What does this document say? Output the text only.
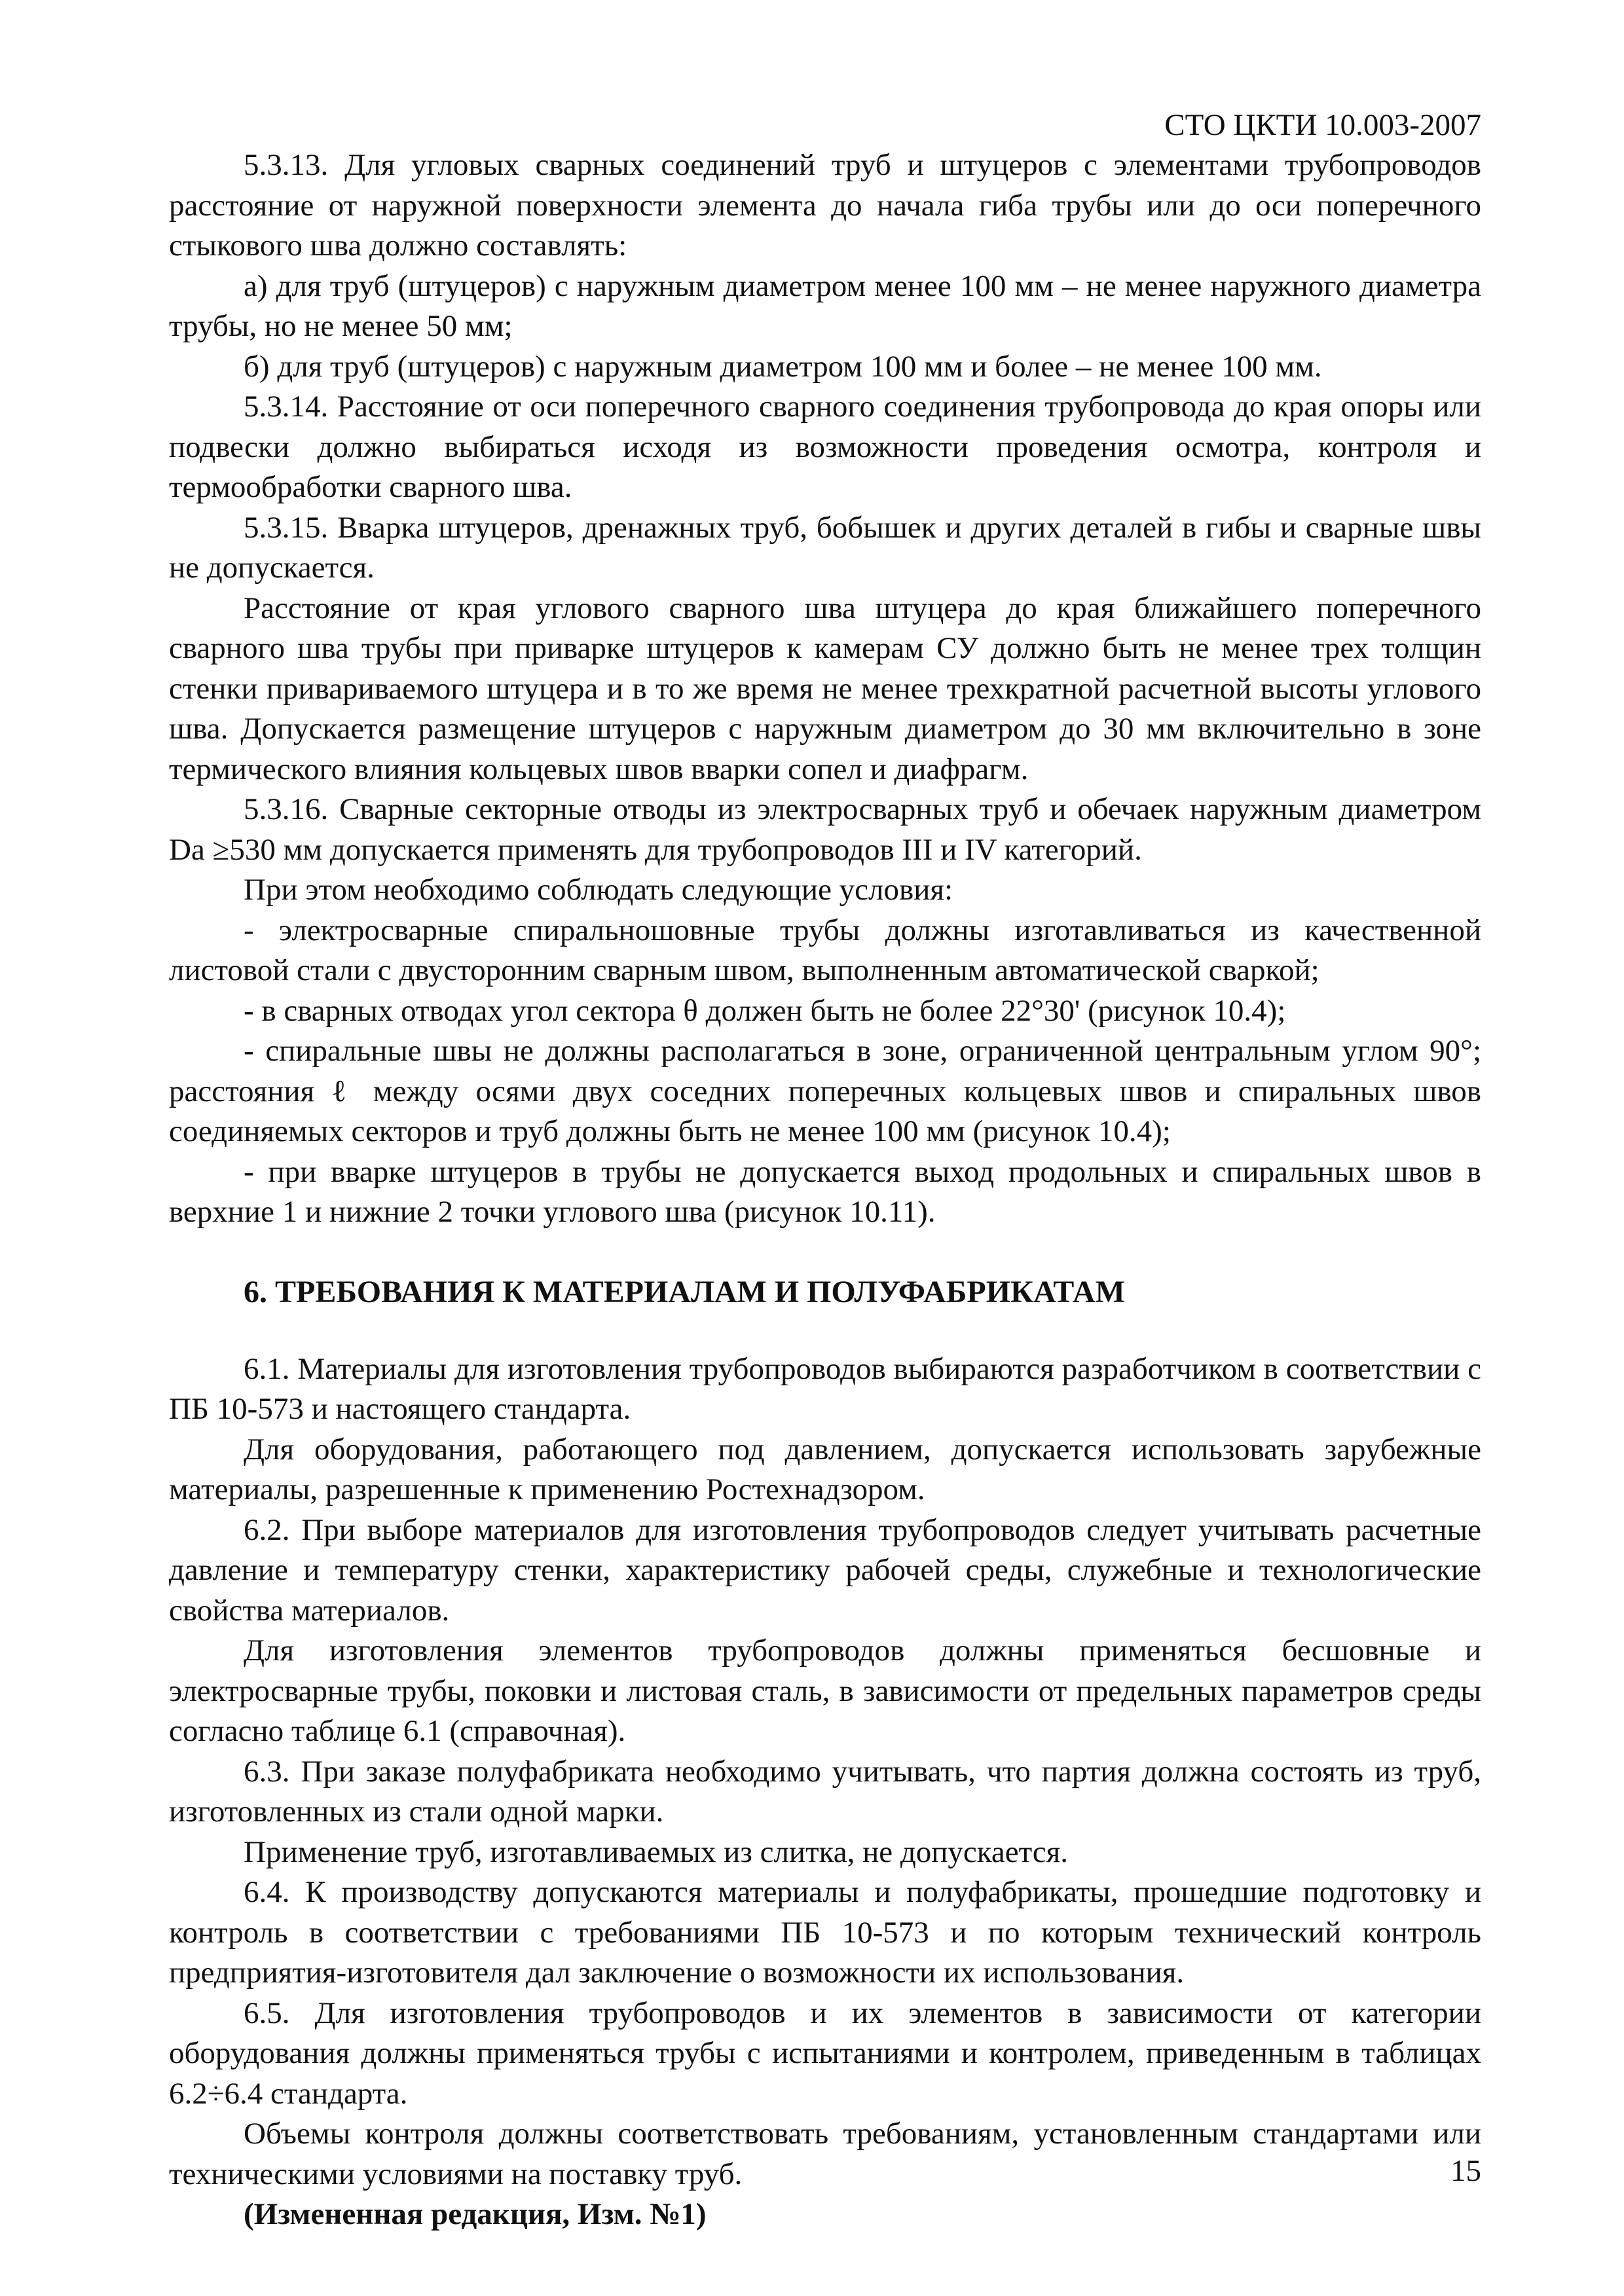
СТО ЦКТИ 10.003-2007

5.3.13. Для угловых сварных соединений труб и штуцеров с элементами трубопроводов расстояние от наружной поверхности элемента до начала гиба трубы или до оси поперечного стыкового шва должно составлять:

а) для труб (штуцеров) с наружным диаметром менее 100 мм – не менее наружного диаметра трубы, но не менее 50 мм;

б) для труб (штуцеров) с наружным диаметром 100 мм и более – не менее 100 мм.

5.3.14. Расстояние от оси поперечного сварного соединения трубопровода до края опоры или подвески должно выбираться исходя из возможности проведения осмотра, контроля и термообработки сварного шва.

5.3.15. Вварка штуцеров, дренажных труб, бобышек и других деталей в гибы и сварные швы не допускается.

Расстояние от края углового сварного шва штуцера до края ближайшего поперечного сварного шва трубы при приварке штуцеров к камерам СУ должно быть не менее трех толщин стенки привариваемого штуцера и в то же время не менее трехкратной расчетной высоты углового шва. Допускается размещение штуцеров с наружным диаметром до 30 мм включительно в зоне термического влияния кольцевых швов вварки сопел и диафрагм.

5.3.16. Сварные секторные отводы из электросварных труб и обечаек наружным диаметром Da ≥530 мм допускается применять для трубопроводов III и IV категорий.

При этом необходимо соблюдать следующие условия:

- электросварные спиральношовные трубы должны изготавливаться из качественной листовой стали с двусторонним сварным швом, выполненным автоматической сваркой;

- в сварных отводах угол сектора θ должен быть не более 22°30' (рисунок 10.4);

- спиральные швы не должны располагаться в зоне, ограниченной центральным углом 90°; расстояния ℓ между осями двух соседних поперечных кольцевых швов и спиральных швов соединяемых секторов и труб должны быть не менее 100 мм (рисунок 10.4);

- при вварке штуцеров в трубы не допускается выход продольных и спиральных швов в верхние 1 и нижние 2 точки углового шва (рисунок 10.11).

6. ТРЕБОВАНИЯ К МАТЕРИАЛАМ И ПОЛУФАБРИКАТАМ

6.1. Материалы для изготовления трубопроводов выбираются разработчиком в соответствии с ПБ 10-573 и настоящего стандарта.

Для оборудования, работающего под давлением, допускается использовать зарубежные материалы, разрешенные к применению Ростехнадзором.

6.2. При выборе материалов для изготовления трубопроводов следует учитывать расчетные давление и температуру стенки, характеристику рабочей среды, служебные и технологические свойства материалов.

Для изготовления элементов трубопроводов должны применяться бесшовные и электросварные трубы, поковки и листовая сталь, в зависимости от предельных параметров среды согласно таблице 6.1 (справочная).

6.3. При заказе полуфабриката необходимо учитывать, что партия должна состоять из труб, изготовленных из стали одной марки.

Применение труб, изготавливаемых из слитка, не допускается.

6.4. К производству допускаются материалы и полуфабрикаты, прошедшие подготовку и контроль в соответствии с требованиями ПБ 10-573 и по которым технический контроль предприятия-изготовителя дал заключение о возможности их использования.

6.5. Для изготовления трубопроводов и их элементов в зависимости от категории оборудования должны применяться трубы с испытаниями и контролем, приведенным в таблицах 6.2÷6.4 стандарта.

Объемы контроля должны соответствовать требованиям, установленным стандартами или техническими условиями на поставку труб.

(Измененная редакция, Изм. №1)

15
